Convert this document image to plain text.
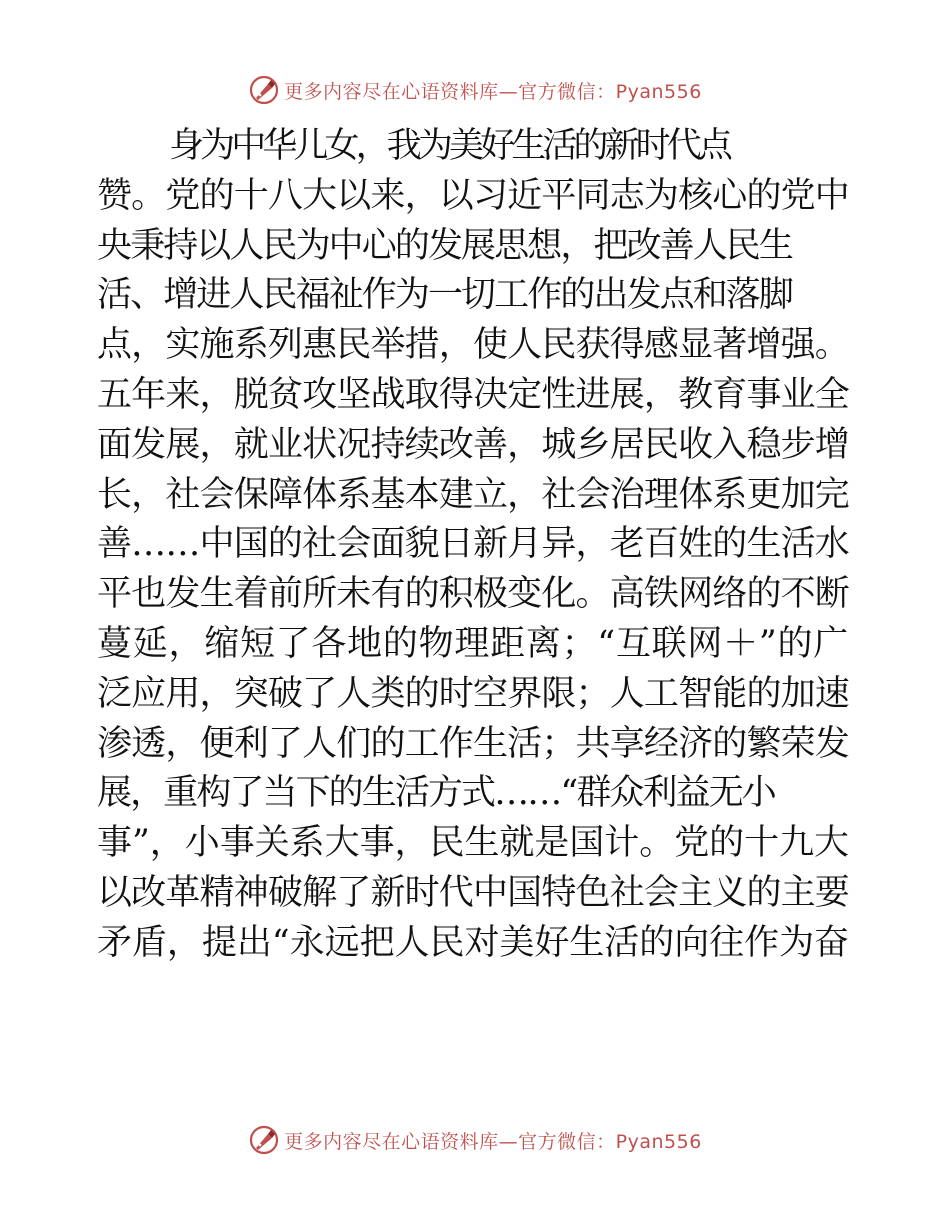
更多内容尽在心语资料库—官方微信：Pyan556
身为中华儿女，我为美好生活的新时代点
赞。党的十八大以来，以习近平同志为核心的党中
央秉持以人民为中心的发展思想，把改善人民生
活、增进人民福祉作为一切工作的出发点和落脚
点，实施系列惠民举措，使人民获得感显著增强。
五年来，脱贫攻坚战取得决定性进展，教育事业全
面发展，就业状况持续改善，城乡居民收入稳步增
长，社会保障体系基本建立，社会治理体系更加完
善……中国的社会面貌日新月异，老百姓的生活水
平也发生着前所未有的积极变化。高铁网络的不断
蔓延，缩短了各地的物理距离；“互联网＋”的广
泛应用，突破了人类的时空界限；人工智能的加速
渗透，便利了人们的工作生活；共享经济的繁荣发
展，重构了当下的生活方式……“群众利益无小
事”，小事关系大事，民生就是国计。党的十九大
以改革精神破解了新时代中国特色社会主义的主要
矛盾，提出“永远把人民对美好生活的向往作为奋
更多内容尽在心语资料库—官方微信：Pyan556
